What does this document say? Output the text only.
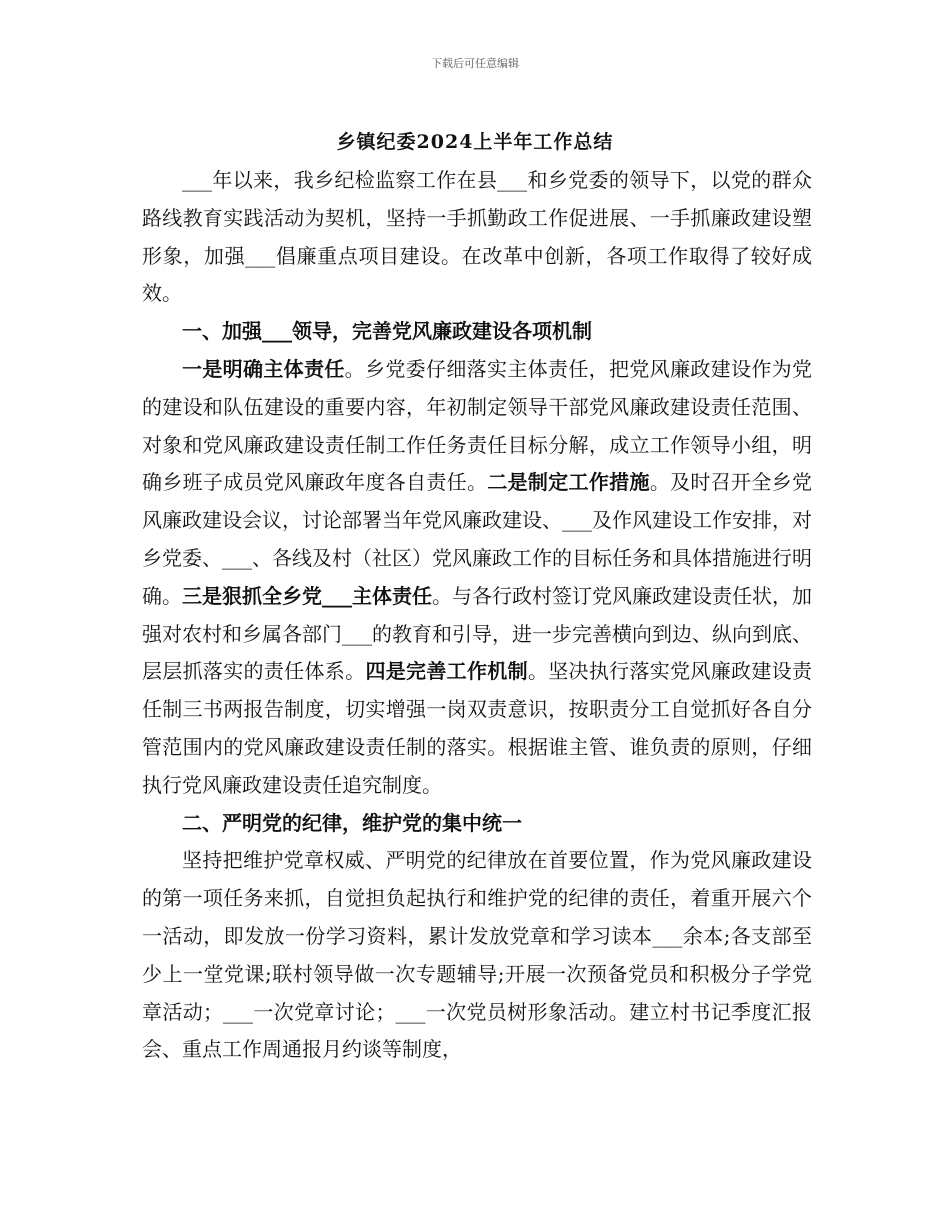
下载后可任意编辑
乡镇纪委2024上半年工作总结

___年以来，我乡纪检监察工作在县___和乡党委的领导下，以党的群众路线教育实践活动为契机，坚持一手抓勤政工作促进展、一手抓廉政建设塑形象，加强___倡廉重点项目建设。在改革中创新，各项工作取得了较好成效。

一、加强___领导，完善党风廉政建设各项机制

一是明确主体责任。乡党委仔细落实主体责任，把党风廉政建设作为党的建设和队伍建设的重要内容，年初制定领导干部党风廉政建设责任范围、对象和党风廉政建设责任制工作任务责任目标分解，成立工作领导小组，明确乡班子成员党风廉政年度各自责任。二是制定工作措施。及时召开全乡党风廉政建设会议，讨论部署当年党风廉政建设、___及作风建设工作安排，对乡党委、___、各线及村（社区）党风廉政工作的目标任务和具体措施进行明确。三是狠抓全乡党___主体责任。与各行政村签订党风廉政建设责任状，加强对农村和乡属各部门___的教育和引导，进一步完善横向到边、纵向到底、层层抓落实的责任体系。四是完善工作机制。坚决执行落实党风廉政建设责任制三书两报告制度，切实增强一岗双责意识，按职责分工自觉抓好各自分管范围内的党风廉政建设责任制的落实。根据谁主管、谁负责的原则，仔细执行党风廉政建设责任追究制度。

二、严明党的纪律，维护党的集中统一

坚持把维护党章权威、严明党的纪律放在首要位置，作为党风廉政建设的第一项任务来抓，自觉担负起执行和维护党的纪律的责任，着重开展六个一活动，即发放一份学习资料，累计发放党章和学习读本___余本;各支部至少上一堂党课;联村领导做一次专题辅导;开展一次预备党员和积极分子学党章活动；___一次党章讨论；___一次党员树形象活动。建立村书记季度汇报会、重点工作周通报月约谈等制度，
